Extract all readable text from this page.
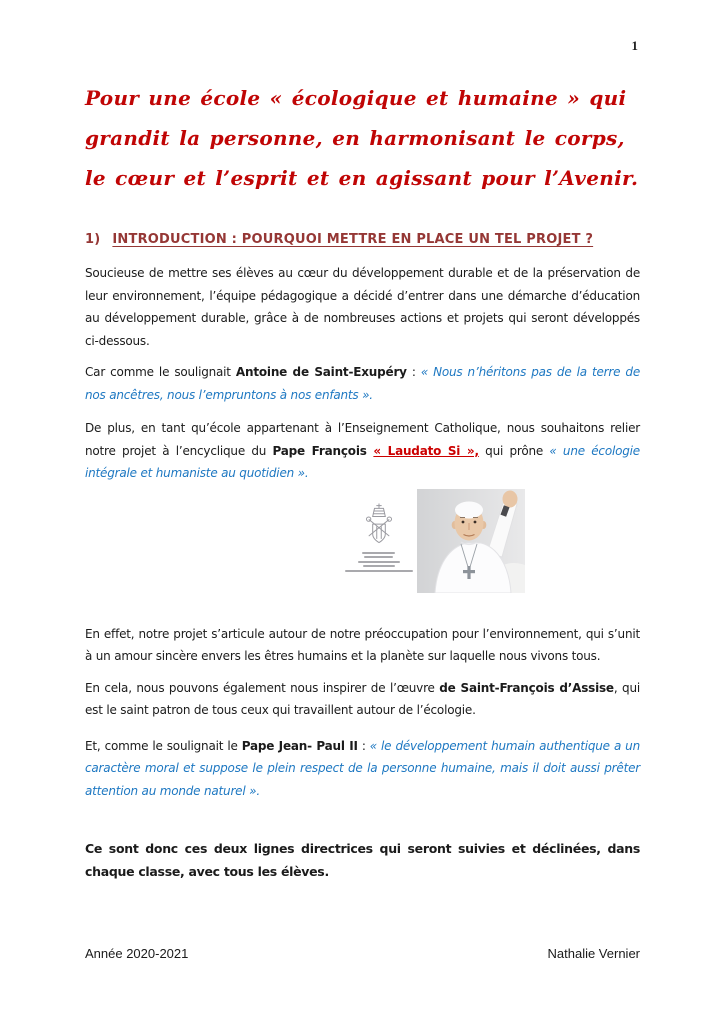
1
Pour une école « écologique et humaine » qui grandit la personne, en harmonisant le corps, le cœur et l’esprit et en agissant pour l’Avenir.
1) INTRODUCTION : POURQUOI METTRE EN PLACE UN TEL PROJET ?

Soucieuse de mettre ses élèves au cœur du développement durable et de la préservation de leur environnement, l’équipe pédagogique a décidé d’entrer dans une démarche d’éducation au développement durable, grâce à de nombreuses actions et projets qui seront développés ci-dessous.

Car comme le soulignait Antoine de Saint-Exupéry : « Nous n’héritons pas de la terre de nos ancêtres, nous l’empruntons à nos enfants ».

De plus, en tant qu’école appartenant à l’Enseignement Catholique, nous souhaitons relier notre projet à l’encyclique du Pape François « Laudato Si », qui prône « une écologie intégrale et humaniste au quotidien ».

En effet, notre projet s’articule autour de notre préoccupation pour l’environnement, qui s’unit à un amour sincère envers les êtres humains et la planète sur laquelle nous vivons tous.

En cela, nous pouvons également nous inspirer de l’œuvre de Saint-François d’Assise, qui est le saint patron de tous ceux qui travaillent autour de l’écologie.

Et, comme le soulignait le Pape Jean- Paul II : « le développement humain authentique a un caractère moral et suppose le plein respect de la personne humaine, mais il doit aussi prêter attention au monde naturel ».

Ce sont donc ces deux lignes directrices qui seront suivies et déclinées, dans chaque classe, avec tous les élèves.

Année 2020-2021	Nathalie Vernier
